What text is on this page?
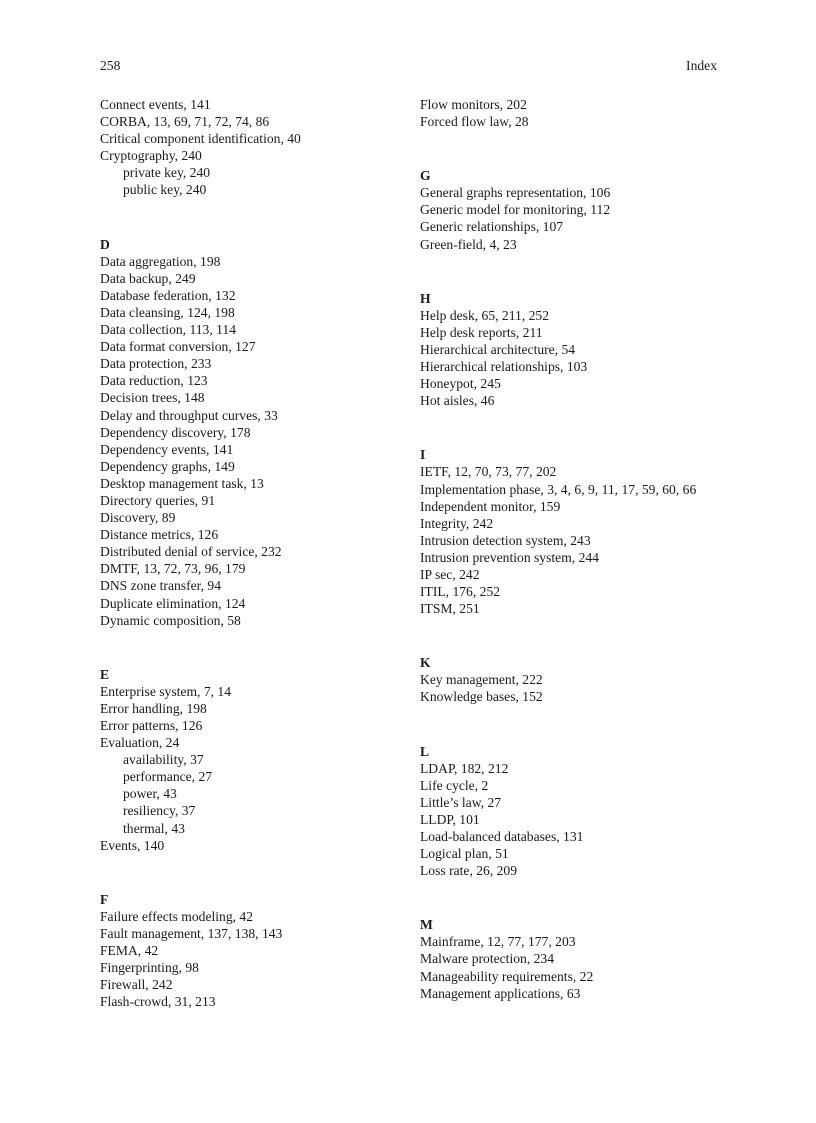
258	Index
Connect events, 141
CORBA, 13, 69, 71, 72, 74, 86
Critical component identification, 40
Cryptography, 240
private key, 240
public key, 240
D
Data aggregation, 198
Data backup, 249
Database federation, 132
Data cleansing, 124, 198
Data collection, 113, 114
Data format conversion, 127
Data protection, 233
Data reduction, 123
Decision trees, 148
Delay and throughput curves, 33
Dependency discovery, 178
Dependency events, 141
Dependency graphs, 149
Desktop management task, 13
Directory queries, 91
Discovery, 89
Distance metrics, 126
Distributed denial of service, 232
DMTF, 13, 72, 73, 96, 179
DNS zone transfer, 94
Duplicate elimination, 124
Dynamic composition, 58
E
Enterprise system, 7, 14
Error handling, 198
Error patterns, 126
Evaluation, 24
availability, 37
performance, 27
power, 43
resiliency, 37
thermal, 43
Events, 140
F
Failure effects modeling, 42
Fault management, 137, 138, 143
FEMA, 42
Fingerprinting, 98
Firewall, 242
Flash-crowd, 31, 213
Flow monitors, 202
Forced flow law, 28
G
General graphs representation, 106
Generic model for monitoring, 112
Generic relationships, 107
Green-field, 4, 23
H
Help desk, 65, 211, 252
Help desk reports, 211
Hierarchical architecture, 54
Hierarchical relationships, 103
Honeypot, 245
Hot aisles, 46
I
IETF, 12, 70, 73, 77, 202
Implementation phase, 3, 4, 6, 9, 11, 17, 59, 60, 66
Independent monitor, 159
Integrity, 242
Intrusion detection system, 243
Intrusion prevention system, 244
IP sec, 242
ITIL, 176, 252
ITSM, 251
K
Key management, 222
Knowledge bases, 152
L
LDAP, 182, 212
Life cycle, 2
Little’s law, 27
LLDP, 101
Load-balanced databases, 131
Logical plan, 51
Loss rate, 26, 209
M
Mainframe, 12, 77, 177, 203
Malware protection, 234
Manageability requirements, 22
Management applications, 63
